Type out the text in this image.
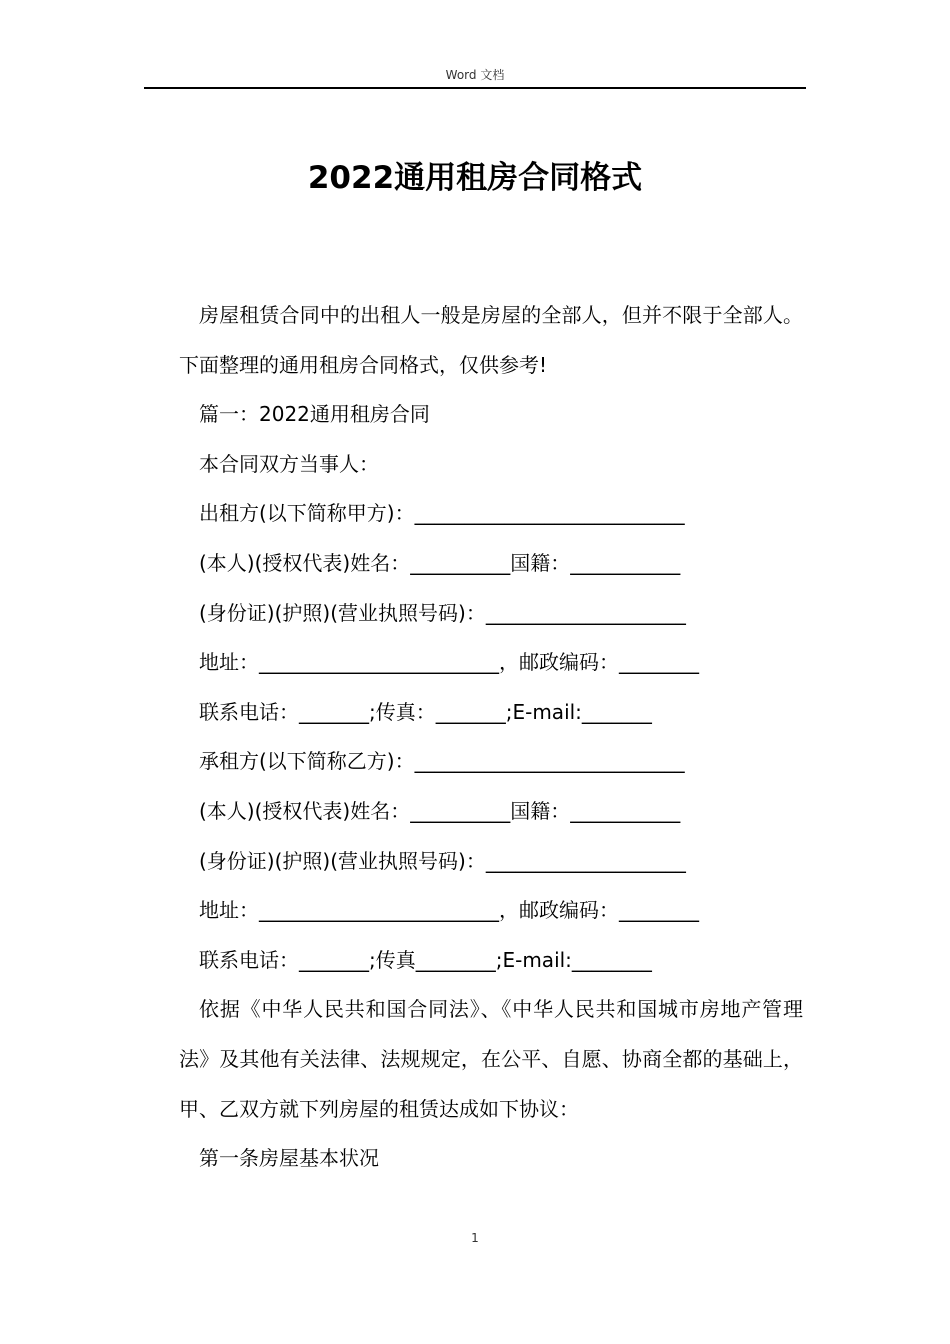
Word 文档
2022通用租房合同格式

房屋租赁合同中的出租人一般是房屋的全部人，但并不限于全部人。下面整理的通用租房合同格式，仅供参考!

篇一：2022通用租房合同

本合同双方当事人：

出租方(以下简称甲方)：___________________________

(本人)(授权代表)姓名：__________国籍：___________

(身份证)(护照)(营业执照号码)：____________________

地址：________________________，邮政编码：________

联系电话：_______;传真：_______;E-mail:_______

承租方(以下简称乙方)：___________________________

(本人)(授权代表)姓名：__________国籍：___________

(身份证)(护照)(营业执照号码)：____________________

地址：________________________，邮政编码：________

联系电话：_______;传真________;E-mail:________

依据《中华人民共和国合同法》、《中华人民共和国城市房地产管理法》及其他有关法律、法规规定，在公平、自愿、协商全都的基础上，甲、乙双方就下列房屋的租赁达成如下协议：

第一条房屋基本状况

1
